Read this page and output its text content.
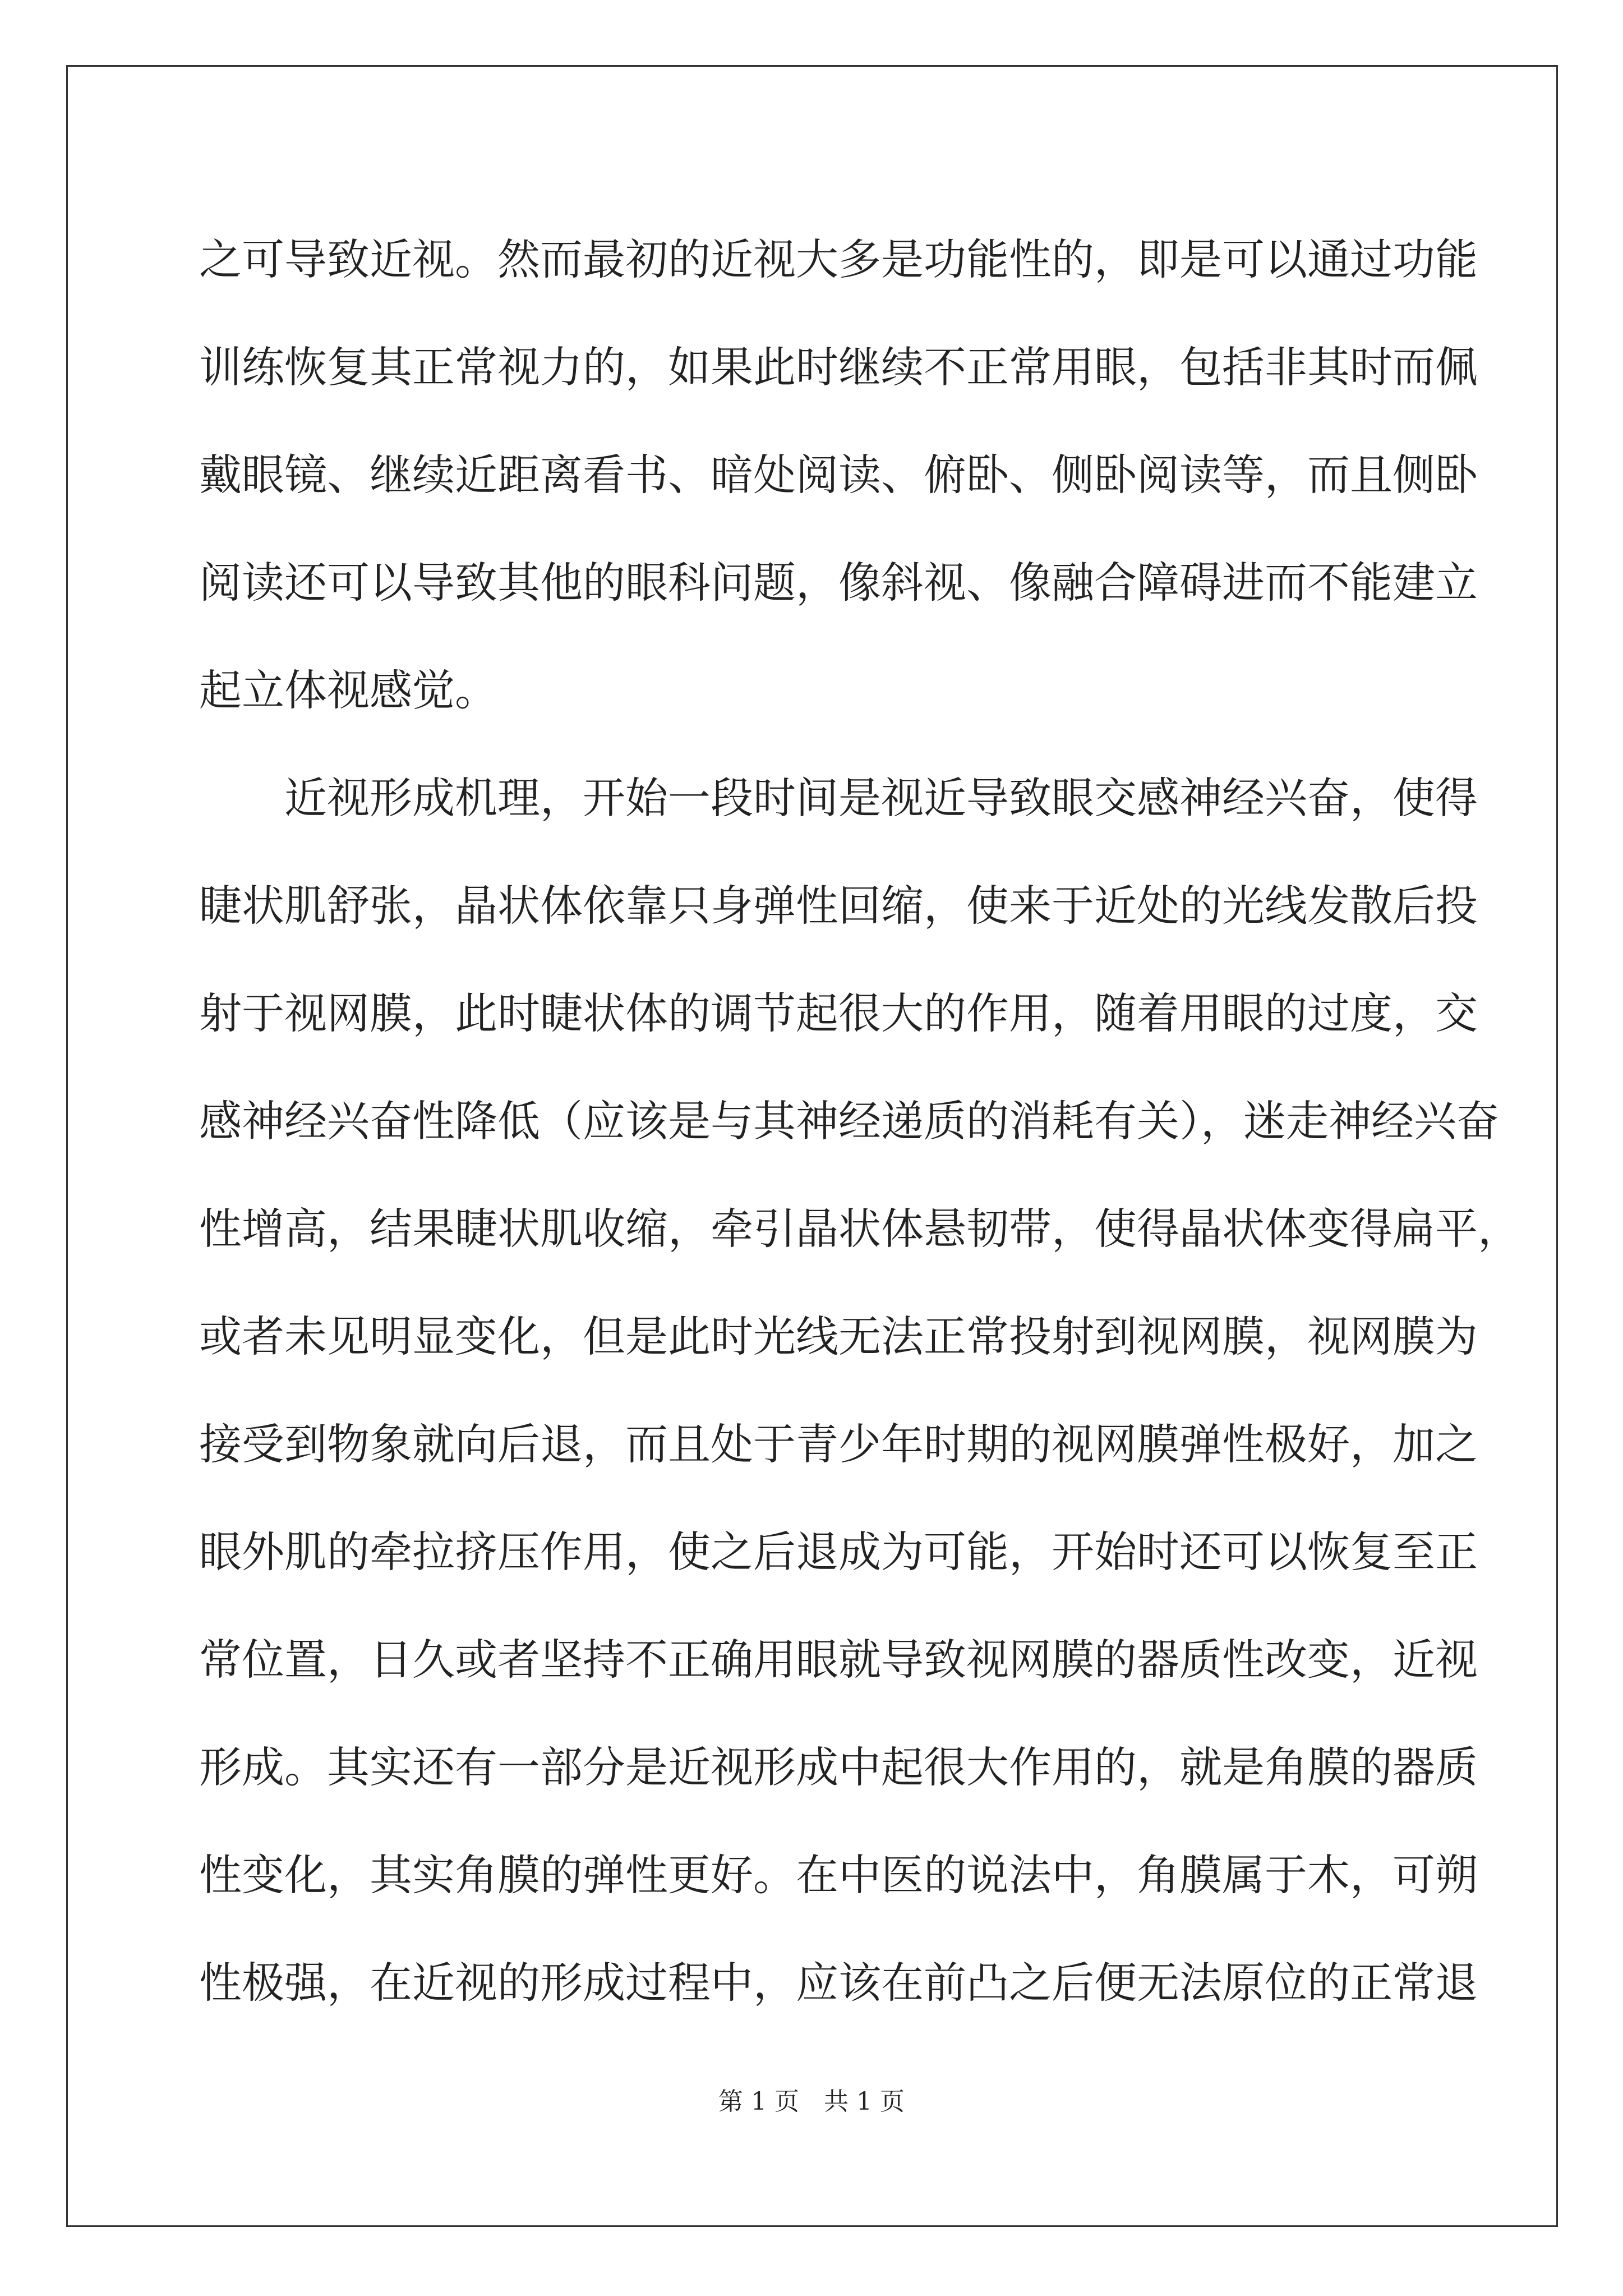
之可导致近视。然而最初的近视大多是功能性的，即是可以通过功能
训练恢复其正常视力的，如果此时继续不正常用眼，包括非其时而佩
戴眼镜、继续近距离看书、暗处阅读、俯卧、侧卧阅读等，而且侧卧
阅读还可以导致其他的眼科问题，像斜视、像融合障碍进而不能建立
起立体视感觉。
　　近视形成机理，开始一段时间是视近导致眼交感神经兴奋，使得
睫状肌舒张，晶状体依靠只身弹性回缩，使来于近处的光线发散后投
射于视网膜，此时睫状体的调节起很大的作用，随着用眼的过度，交
感神经兴奋性降低（应该是与其神经递质的消耗有关），迷走神经兴奋
性增高，结果睫状肌收缩，牵引晶状体悬韧带，使得晶状体变得扁平，
或者未见明显变化，但是此时光线无法正常投射到视网膜，视网膜为
接受到物象就向后退，而且处于青少年时期的视网膜弹性极好，加之
眼外肌的牵拉挤压作用，使之后退成为可能，开始时还可以恢复至正
常位置，日久或者坚持不正确用眼就导致视网膜的器质性改变，近视
形成。其实还有一部分是近视形成中起很大作用的，就是角膜的器质
性变化，其实角膜的弹性更好。在中医的说法中，角膜属于木，可朔
性极强，在近视的形成过程中，应该在前凸之后便无法原位的正常退
第 1 页　共 1 页
